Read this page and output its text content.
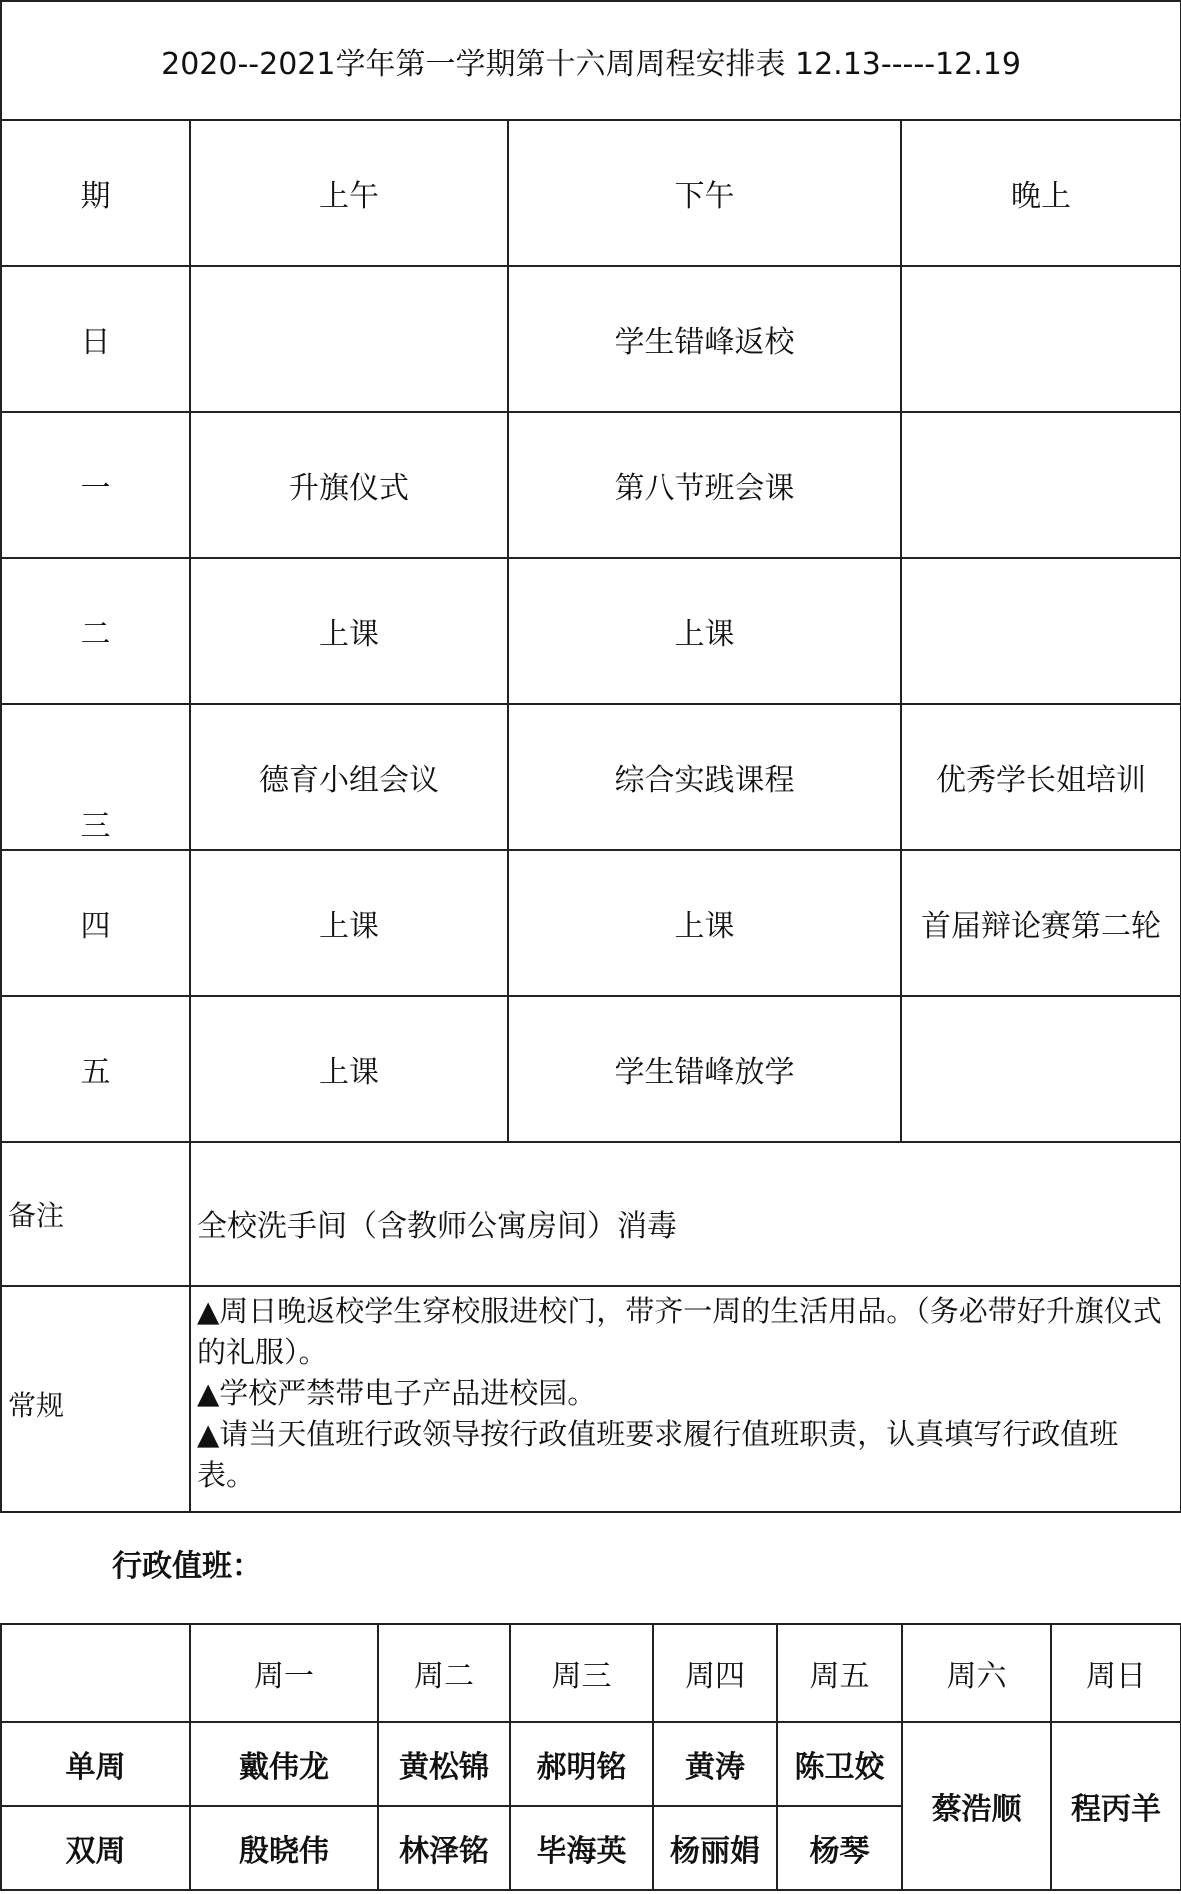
2020--2021学年第一学期第十六周周程安排表 12.13-----12.19			
期	上午	下午	晚上
日		学生错峰返校	
一	升旗仪式	第八节班会课	
二	上课	上课	
三	德育小组会议	综合实践课程	优秀学长姐培训
四	上课	上课	首届辩论赛第二轮
五	上课	学生错峰放学	
备注	全校洗手间（含教师公寓房间）消毒		
常规	▲周日晚返校学生穿校服进校门，带齐一周的生活用品。（务必带好升旗仪式的礼服）。
▲学校严禁带电子产品进校园。
▲请当天值班行政领导按行政值班要求履行值班职责，认真填写行政值班表。		
行政值班：
	周一	周二	周三	周四	周五	周六	周日
单周	戴伟龙	黄松锦	郝明铭	黄涛	陈卫姣	蔡浩顺	程丙羊
双周	殷晓伟	林泽铭	毕海英	杨丽娟	杨琴		
